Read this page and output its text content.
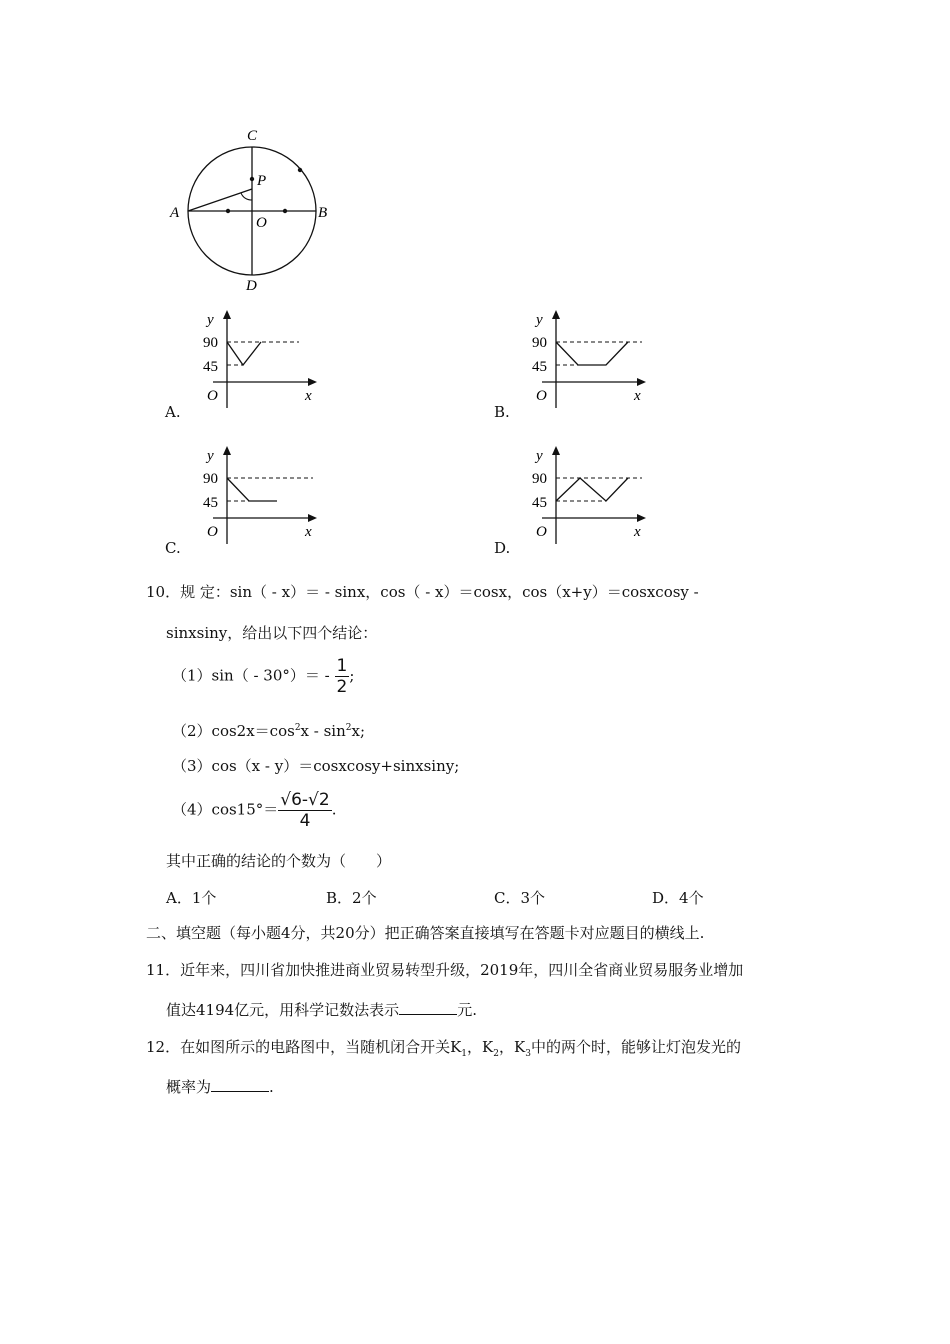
C
P
A
O
B
D
y
90
45
O	x
A.
y
90
45
O	x
B.
y
90
45
O	x
C.
y
90
45
O	x
D.
10．规 定：sin（ - x）＝ - sinx，cos（ - x）＝cosx，cos（x+y）＝cosxcosy -
sinxsiny，给出以下四个结论：
$(1)\sin( - 30^\circ)= - \frac{1}{2}$ ;
$(2)\cos 2x=\cos^2x - \sin^2x$;
（3）cos（x - y）＝cosxcosy+sinxsiny;
$(4)\cos 15^\circ= \frac{√6-√2}{4}$ .
其中正确的结论的个数为（　　）
A．1个	B．2个	C．3个	D．4个
二、填空题（每小题4分，共20分）把正确答案直接填写在答题卡对应题目的横线上.
11．近年来，四川省加快推进商业贸易转型升级，2019年，四川全省商业贸易服务业增加
值达4194亿元，用科学记数法表示	元.
12．在如图所示的电路图中，当随机闭合开关$K_1$，$K_2$，$K_3$中的两个时，能够让灯泡发光的
概率为	.
